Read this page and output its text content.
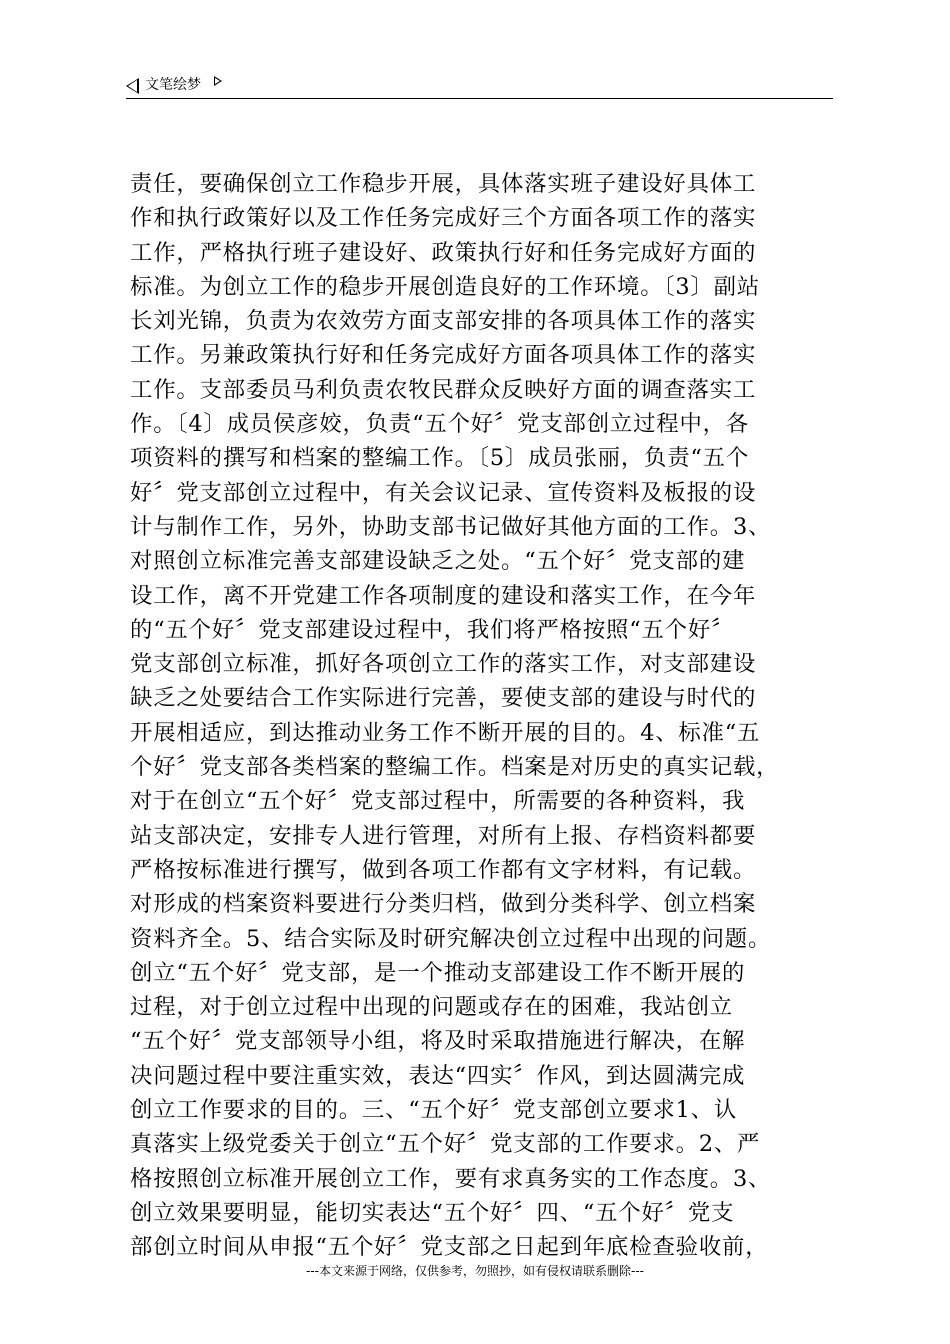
文笔绘梦
责任，要确保创立工作稳步开展，具体落实班子建设好具体工
作和执行政策好以及工作任务完成好三个方面各项工作的落实
工作，严格执行班子建设好、政策执行好和任务完成好方面的
标准。为创立工作的稳步开展创造良好的工作环境。〔3〕副站
长刘光锦，负责为农效劳方面支部安排的各项具体工作的落实
工作。另兼政策执行好和任务完成好方面各项具体工作的落实
工作。支部委员马利负责农牧民群众反映好方面的调查落实工
作。〔4〕成员侯彦姣，负责“五个好〞党支部创立过程中，各
项资料的撰写和档案的整编工作。〔5〕成员张丽，负责“五个
好〞党支部创立过程中，有关会议记录、宣传资料及板报的设
计与制作工作，另外，协助支部书记做好其他方面的工作。3、
对照创立标准完善支部建设缺乏之处。“五个好〞党支部的建
设工作，离不开党建工作各项制度的建设和落实工作，在今年
的“五个好〞党支部建设过程中，我们将严格按照“五个好〞
党支部创立标准，抓好各项创立工作的落实工作，对支部建设
缺乏之处要结合工作实际进行完善，要使支部的建设与时代的
开展相适应，到达推动业务工作不断开展的目的。4、标准“五
个好〞党支部各类档案的整编工作。档案是对历史的真实记载，
对于在创立“五个好〞党支部过程中，所需要的各种资料，我
站支部决定，安排专人进行管理，对所有上报、存档资料都要
严格按标准进行撰写，做到各项工作都有文字材料，有记载。
对形成的档案资料要进行分类归档，做到分类科学、创立档案
资料齐全。5、结合实际及时研究解决创立过程中出现的问题。
创立“五个好〞党支部，是一个推动支部建设工作不断开展的
过程，对于创立过程中出现的问题或存在的困难，我站创立
“五个好〞党支部领导小组，将及时采取措施进行解决，在解
决问题过程中要注重实效，表达“四实〞作风，到达圆满完成
创立工作要求的目的。三、“五个好〞党支部创立要求1、认
真落实上级党委关于创立“五个好〞党支部的工作要求。2、严
格按照创立标准开展创立工作，要有求真务实的工作态度。3、
创立效果要明显，能切实表达“五个好〞四、“五个好〞党支
部创立时间从申报“五个好〞党支部之日起到年底检查验收前，
---本文来源于网络，仅供参考，勿照抄，如有侵权请联系删除---
